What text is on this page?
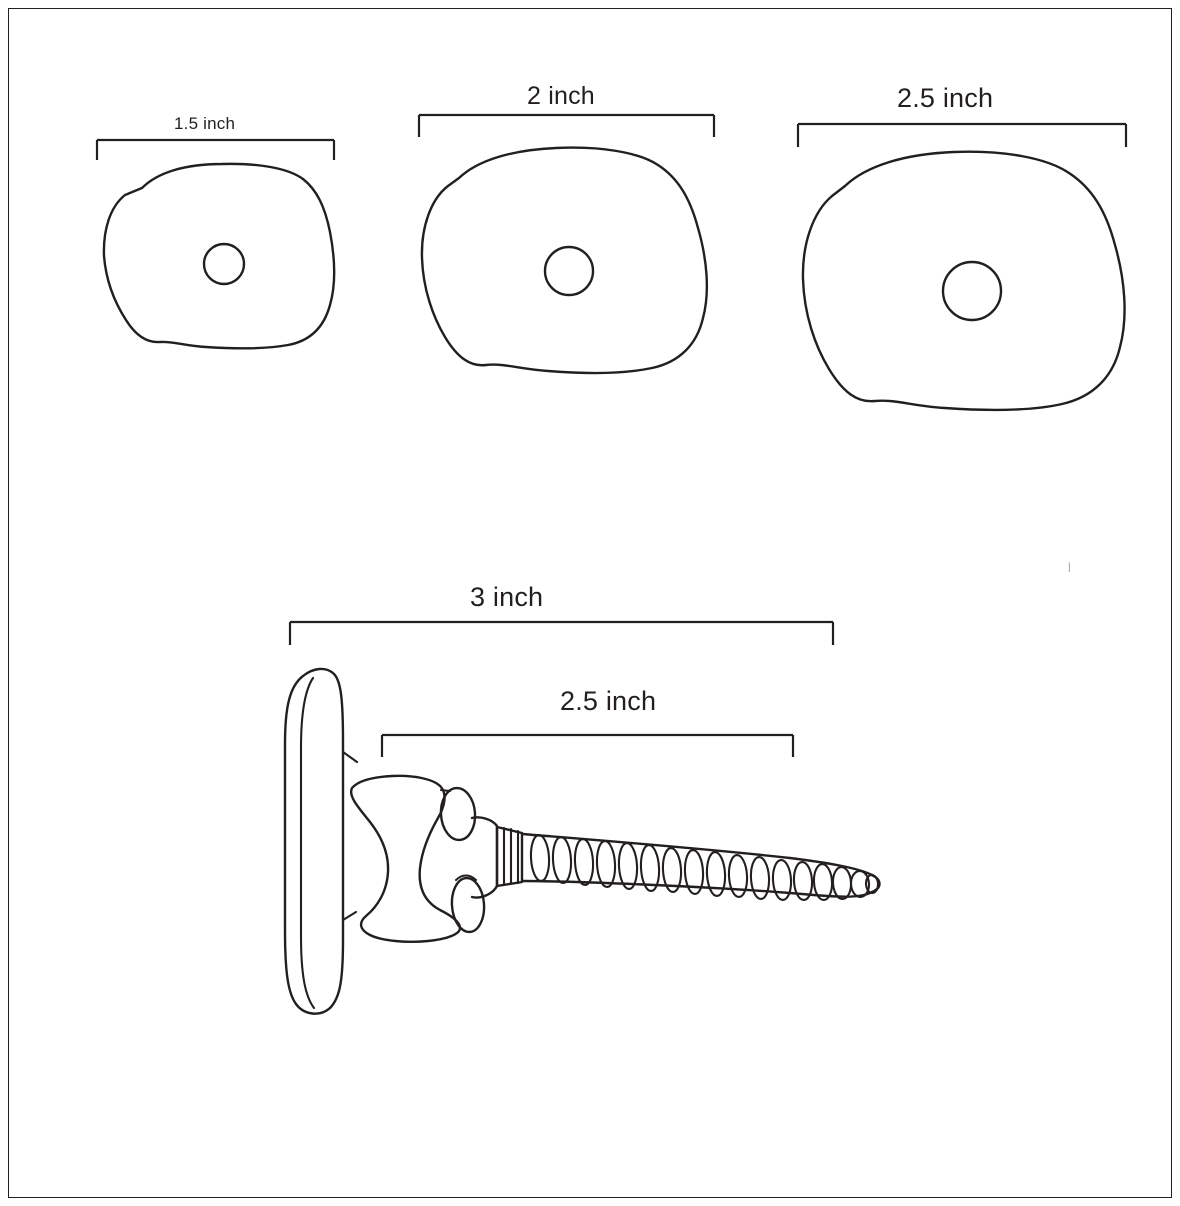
1.5 inch
2 inch	2.5 inch
3 inch
2.5 inch
|
